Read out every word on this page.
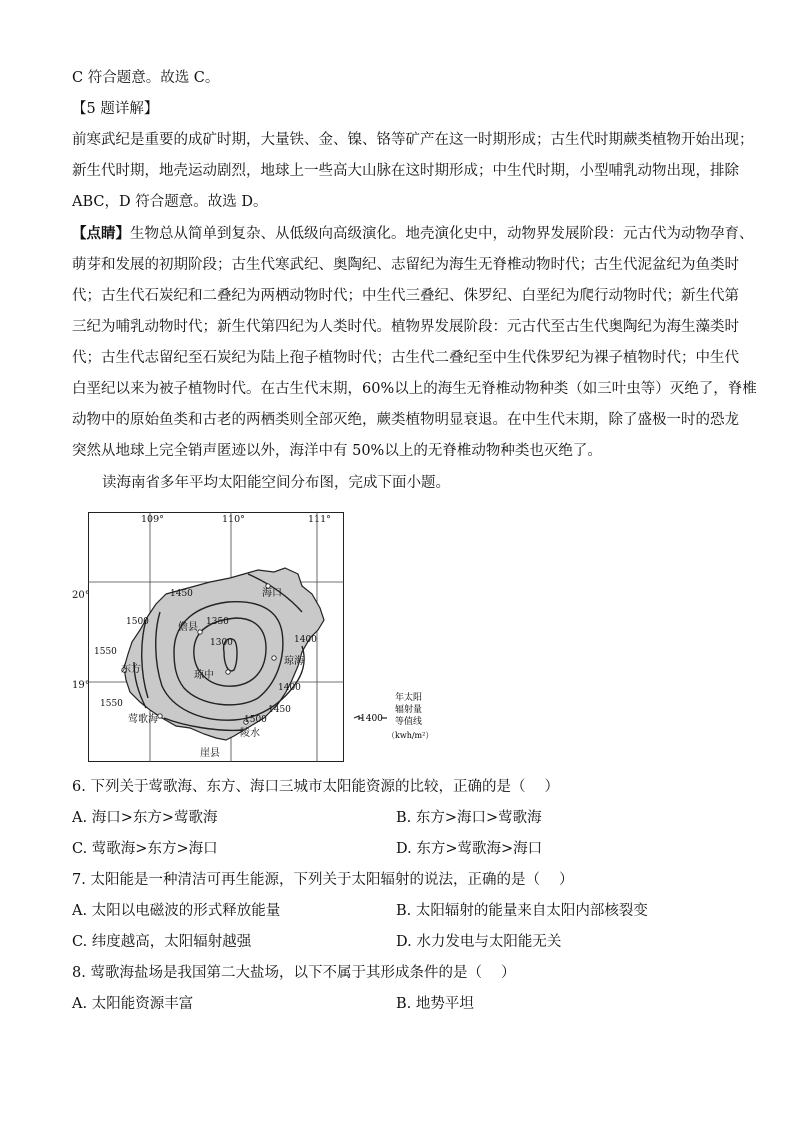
C 符合题意。故选 C。
【5 题详解】
前寒武纪是重要的成矿时期，大量铁、金、镍、铬等矿产在这一时期形成；古生代时期蕨类植物开始出现；
新生代时期，地壳运动剧烈，地球上一些高大山脉在这时期形成；中生代时期，小型哺乳动物出现，排除
ABC，D 符合题意。故选 D。
【点睛】生物总从简单到复杂、从低级向高级演化。地壳演化史中，动物界发展阶段：元古代为动物孕育、
萌芽和发展的初期阶段；古生代寒武纪、奥陶纪、志留纪为海生无脊椎动物时代；古生代泥盆纪为鱼类时
代；古生代石炭纪和二叠纪为两栖动物时代；中生代三叠纪、侏罗纪、白垩纪为爬行动物时代；新生代第
三纪为哺乳动物时代；新生代第四纪为人类时代。植物界发展阶段：元古代至古生代奥陶纪为海生藻类时
代；古生代志留纪至石炭纪为陆上孢子植物时代；古生代二叠纪至中生代侏罗纪为裸子植物时代；中生代
白垩纪以来为被子植物时代。在古生代末期，60%以上的海生无脊椎动物种类（如三叶虫等）灭绝了，脊椎
动物中的原始鱼类和古老的两栖类则全部灭绝，蕨类植物明显衰退。在中生代末期，除了盛极一时的恐龙
突然从地球上完全销声匿迹以外，海洋中有 50%以上的无脊椎动物种类也灭绝了。
读海南省多年平均太阳能空间分布图，完成下面小题。
109°	110°	111°
海口
儋县
东方
琼中
琼海
莺歌海
陵水
崖县
1450
1500	1350
1300
1550
1400
1400
1450
1550
1500
20°
19°
1400
年太阳
辐射量
等值线
（kwh/m²）
6. 下列关于莺歌海、东方、海口三城市太阳能资源的比较，正确的是（　 ）
A. 海口>东方>莺歌海	B. 东方>海口>莺歌海
C. 莺歌海>东方>海口	D. 东方>莺歌海>海口
7. 太阳能是一种清洁可再生能源，下列关于太阳辐射的说法，正确的是（　 ）
A. 太阳以电磁波的形式释放能量	B. 太阳辐射的能量来自太阳内部核裂变
C. 纬度越高，太阳辐射越强	D. 水力发电与太阳能无关
8. 莺歌海盐场是我国第二大盐场，以下不属于其形成条件的是（　 ）
A. 太阳能资源丰富	B. 地势平坦
